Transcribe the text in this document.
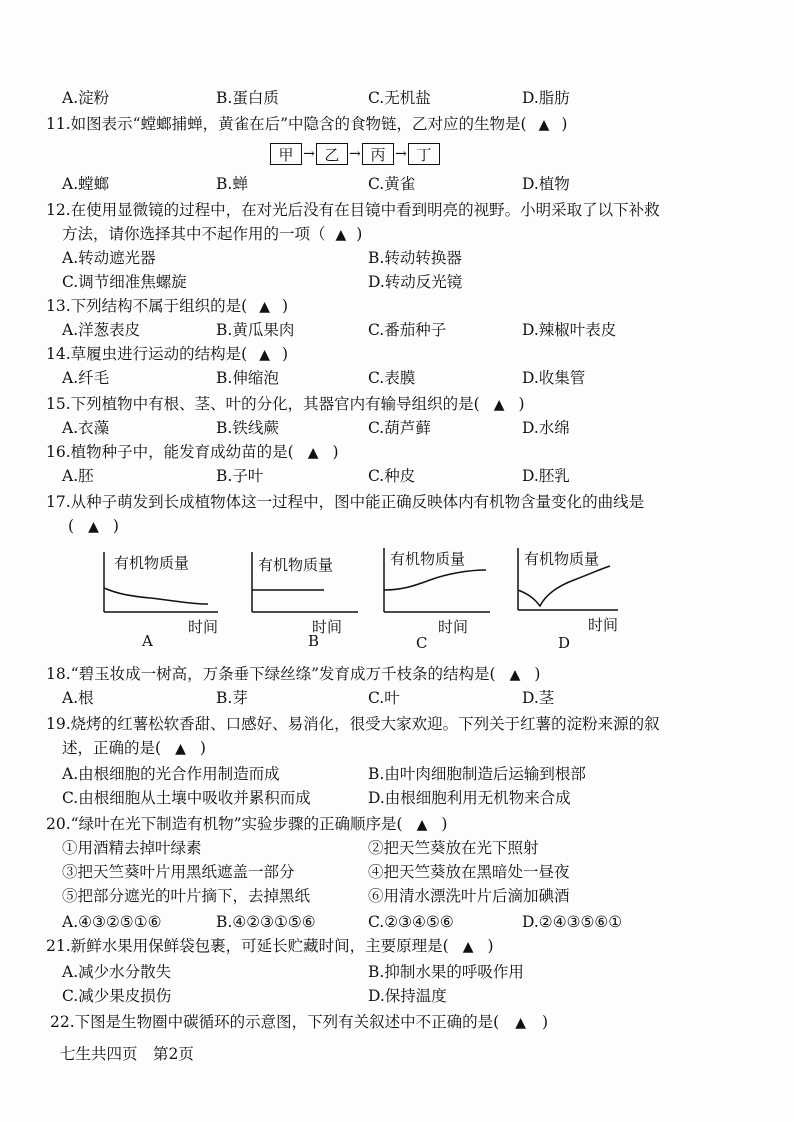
A.淀粉	B.蛋白质	C.无机盐	D.脂肪
11.如图表示“螳螂捕蝉，黄雀在后”中隐含的食物链，乙对应的生物是( ▲ )
甲 → 乙 → 丙 → 丁
A.螳螂	B.蝉	C.黄雀	D.植物
12.在使用显微镜的过程中，在对光后没有在目镜中看到明亮的视野。小明采取了以下补救
方法，请你选择其中不起作用的一项（ ▲ )
A.转动遮光器	B.转动转换器
C.调节细准焦螺旋	D.转动反光镜
13.下列结构不属于组织的是( ▲ )
A.洋葱表皮	B.黄瓜果肉	C.番茄种子	D.辣椒叶表皮
14.草履虫进行运动的结构是( ▲ )
A.纤毛	B.伸缩泡	C.表膜	D.收集管
15.下列植物中有根、茎、叶的分化，其器官内有输导组织的是( ▲ )
A.衣藻	B.铁线蕨	C.葫芦藓	D.水绵
16.植物种子中，能发育成幼苗的是( ▲ )
A.胚	B.子叶	C.种皮	D.胚乳
17.从种子萌发到长成植物体这一过程中，图中能正确反映体内有机物含量变化的曲线是
( ▲ )
有机物质量
时间
A
有机物质量
时间
B
有机物质量
时间
C
有机物质量
时间
D
18.“碧玉妆成一树高，万条垂下绿丝绦”发育成万千枝条的结构是( ▲ )
A.根	B.芽	C.叶	D.茎
19.烧烤的红薯松软香甜、口感好、易消化，很受大家欢迎。下列关于红薯的淀粉来源的叙
述，正确的是( ▲ )
A.由根细胞的光合作用制造而成	B.由叶肉细胞制造后运输到根部
C.由根细胞从土壤中吸收并累积而成	D.由根细胞利用无机物来合成
20.“绿叶在光下制造有机物”实验步骤的正确顺序是( ▲ )
①用酒精去掉叶绿素	②把天竺葵放在光下照射
③把天竺葵叶片用黑纸遮盖一部分	④把天竺葵放在黑暗处一昼夜
⑤把部分遮光的叶片摘下，去掉黑纸	⑥用清水漂洗叶片后滴加碘酒
A.④③②⑤①⑥	B.④②③①⑤⑥	C.②③④⑤⑥	D.②④③⑤⑥①
21.新鲜水果用保鲜袋包裹，可延长贮藏时间，主要原理是( ▲ )
A.减少水分散失	B.抑制水果的呼吸作用
C.减少果皮损伤	D.保持温度
22.下图是生物圈中碳循环的示意图，下列有关叙述中不正确的是( ▲ )
七生共四页　第2页
